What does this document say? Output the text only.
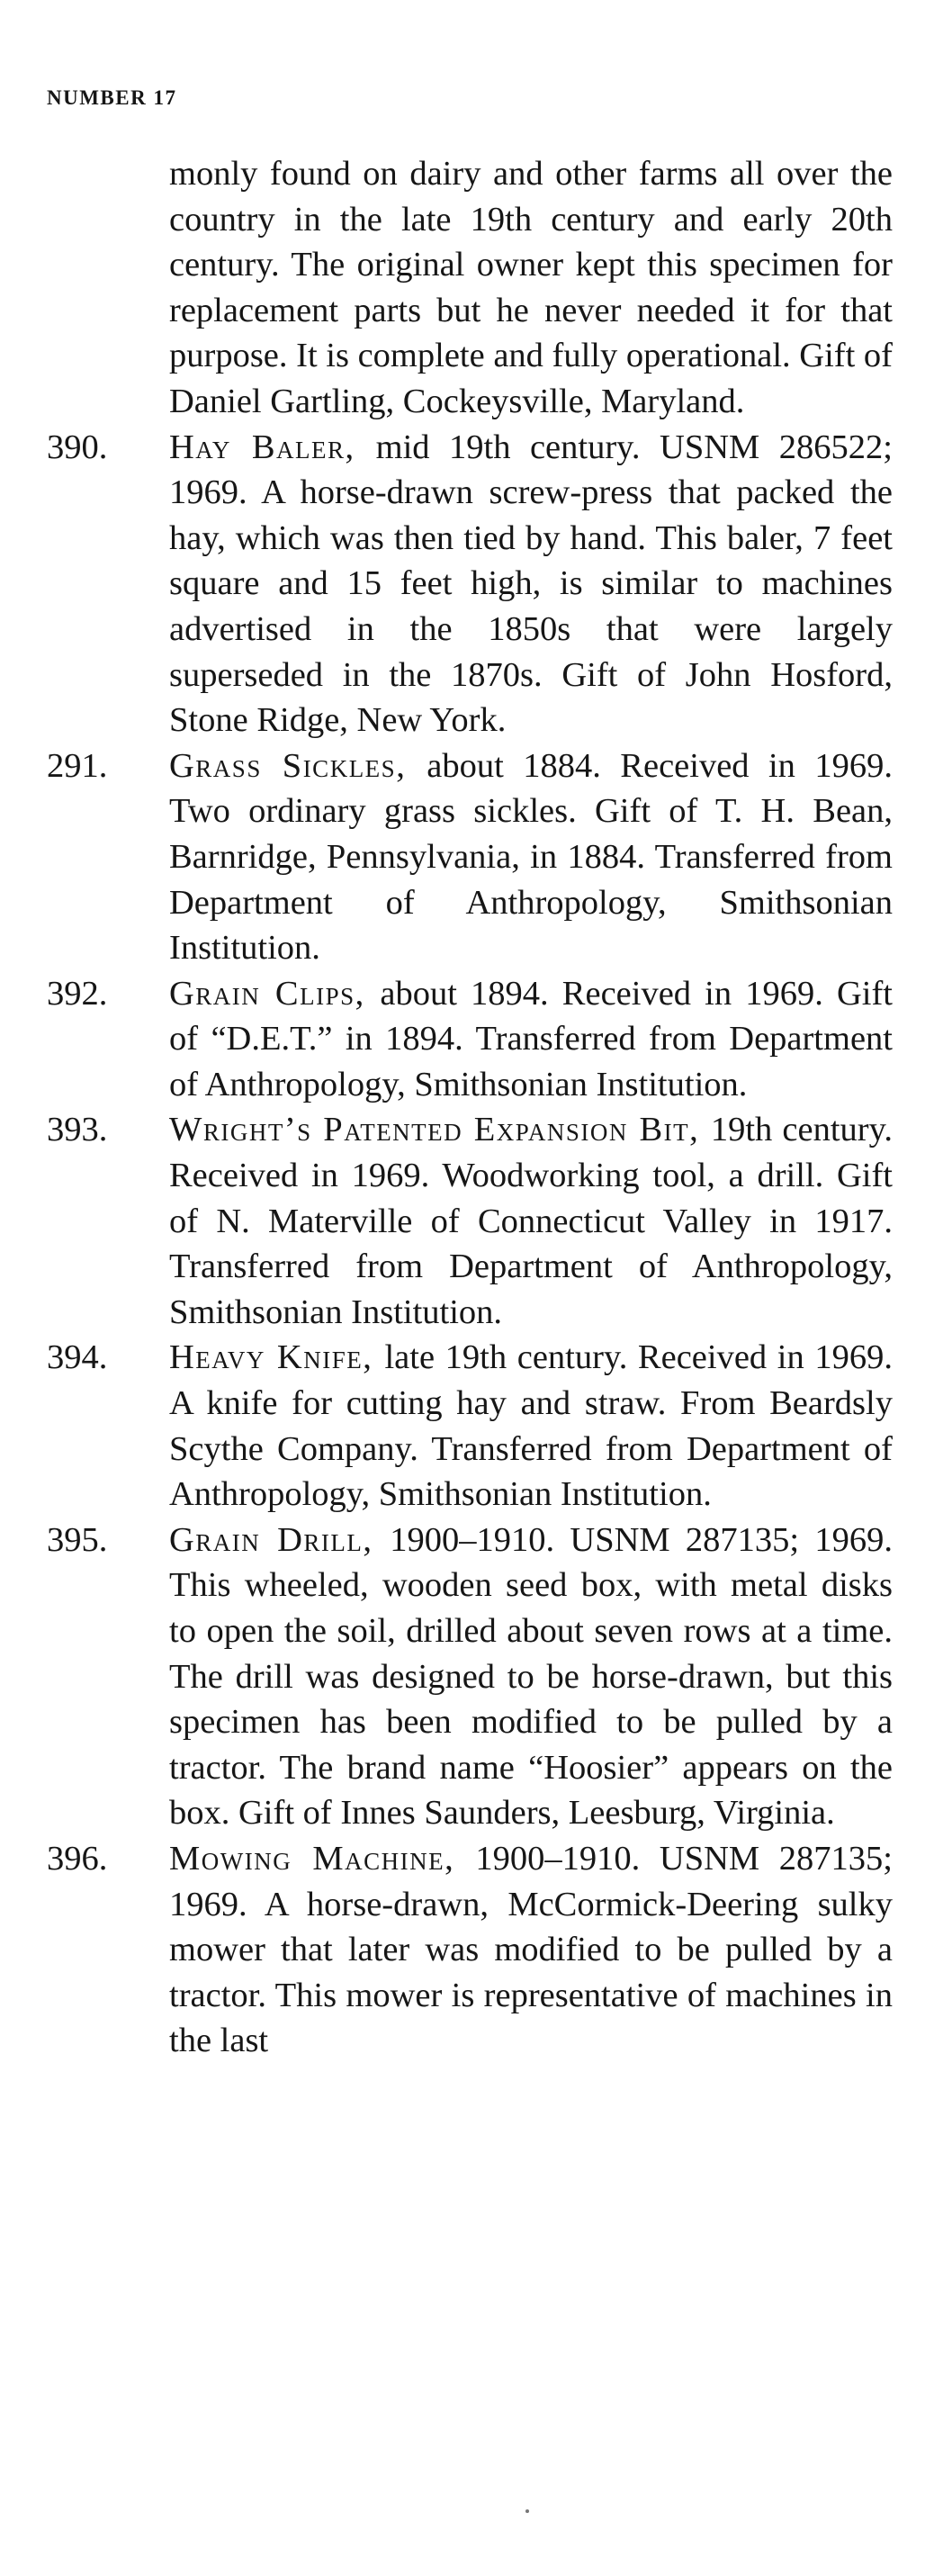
NUMBER 17

monly found on dairy and other farms all over the country in the late 19th century and early 20th century. The original owner kept this specimen for replacement parts but he never needed it for that purpose. It is complete and fully operational. Gift of Daniel Gartling, Cockeysville, Maryland.

390. Hay Baler, mid 19th century. USNM 286522; 1969. A horse-drawn screw-press that packed the hay, which was then tied by hand. This baler, 7 feet square and 15 feet high, is similar to machines advertised in the 1850s that were largely superseded in the 1870s. Gift of John Hosford, Stone Ridge, New York.
291. Grass Sickles, about 1884. Received in 1969. Two ordinary grass sickles. Gift of T. H. Bean, Barnridge, Pennsylvania, in 1884. Transferred from Department of Anthropology, Smithsonian Institution.
392. Grain Clips, about 1894. Received in 1969. Gift of “D.E.T.” in 1894. Transferred from Department of Anthropology, Smithsonian Institution.
393. Wright’s Patented Expansion Bit, 19th century. Received in 1969. Woodworking tool, a drill. Gift of N. Materville of Connecticut Valley in 1917. Transferred from Department of Anthropology, Smithsonian Institution.
394. Heavy Knife, late 19th century. Received in 1969. A knife for cutting hay and straw. From Beardsly Scythe Company. Transferred from Department of Anthropology, Smithsonian Institution.
395. Grain Drill, 1900–1910. USNM 287135; 1969. This wheeled, wooden seed box, with metal disks to open the soil, drilled about seven rows at a time. The drill was designed to be horse-drawn, but this specimen has been modified to be pulled by a tractor. The brand name “Hoosier” appears on the box. Gift of Innes Saunders, Leesburg, Virginia.
396. Mowing Machine, 1900–1910. USNM 287135; 1969. A horse-drawn, McCormick-Deering sulky mower that later was modified to be pulled by a tractor. This mower is representative of machines in the last
